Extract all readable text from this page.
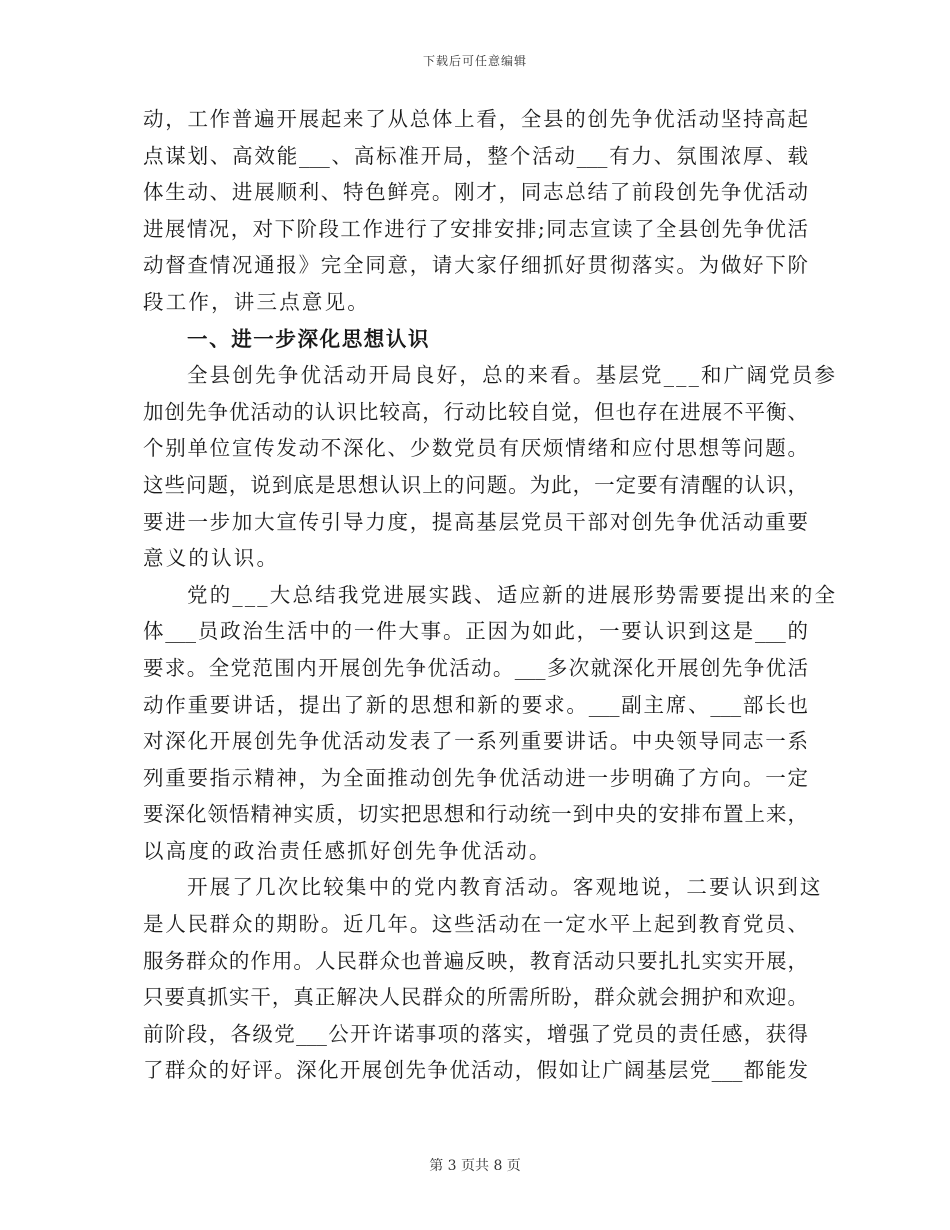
下载后可任意编辑
动，工作普遍开展起来了从总体上看，全县的创先争优活动坚持高起
点谋划、高效能___、高标准开局，整个活动___有力、氛围浓厚、载
体生动、进展顺利、特色鲜亮。刚才，同志总结了前段创先争优活动
进展情况，对下阶段工作进行了安排安排;同志宣读了全县创先争优活
动督查情况通报》完全同意，请大家仔细抓好贯彻落实。为做好下阶
段工作，讲三点意见。
一、进一步深化思想认识
全县创先争优活动开局良好，总的来看。基层党___和广阔党员参
加创先争优活动的认识比较高，行动比较自觉，但也存在进展不平衡、
个别单位宣传发动不深化、少数党员有厌烦情绪和应付思想等问题。
这些问题，说到底是思想认识上的问题。为此，一定要有清醒的认识，
要进一步加大宣传引导力度，提高基层党员干部对创先争优活动重要
意义的认识。
党的___大总结我党进展实践、适应新的进展形势需要提出来的全
体___员政治生活中的一件大事。正因为如此，一要认识到这是___的
要求。全党范围内开展创先争优活动。___多次就深化开展创先争优活
动作重要讲话，提出了新的思想和新的要求。___副主席、___部长也
对深化开展创先争优活动发表了一系列重要讲话。中央领导同志一系
列重要指示精神，为全面推动创先争优活动进一步明确了方向。一定
要深化领悟精神实质，切实把思想和行动统一到中央的安排布置上来，
以高度的政治责任感抓好创先争优活动。
开展了几次比较集中的党内教育活动。客观地说，二要认识到这
是人民群众的期盼。近几年。这些活动在一定水平上起到教育党员、
服务群众的作用。人民群众也普遍反映，教育活动只要扎扎实实开展，
只要真抓实干，真正解决人民群众的所需所盼，群众就会拥护和欢迎。
前阶段，各级党___公开许诺事项的落实，增强了党员的责任感，获得
了群众的好评。深化开展创先争优活动，假如让广阔基层党___都能发
第 3 页共 8 页
